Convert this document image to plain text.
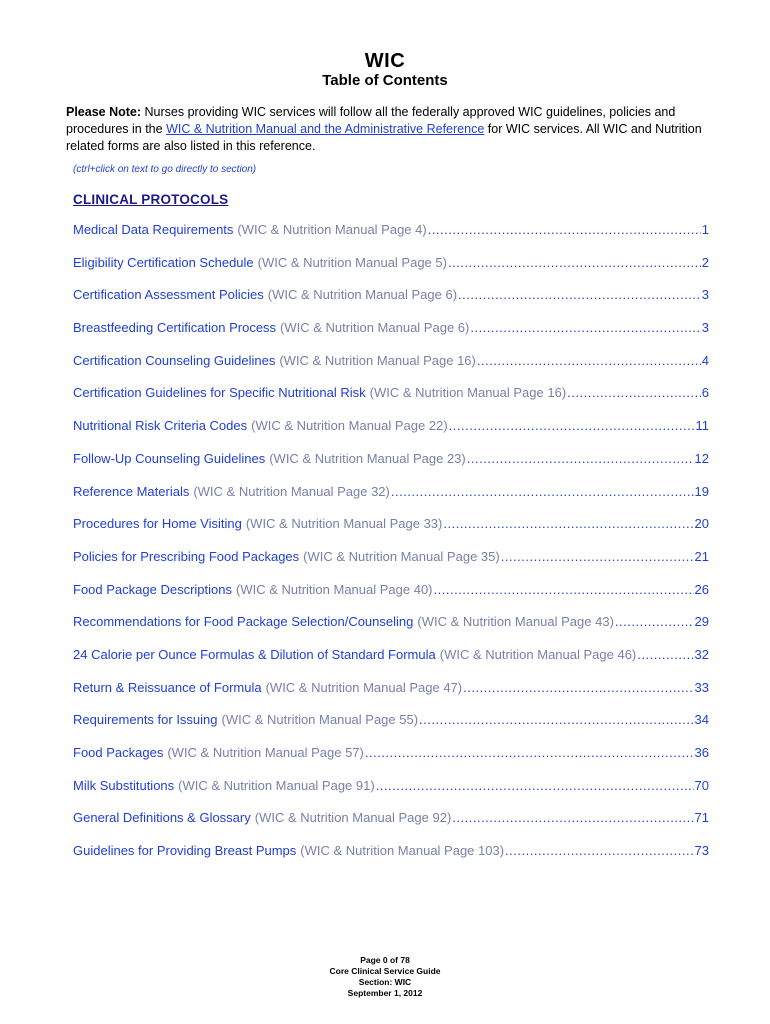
WIC
Table of Contents
Please Note: Nurses providing WIC services will follow all the federally approved WIC guidelines, policies and procedures in the WIC & Nutrition Manual and the Administrative Reference for WIC services. All WIC and Nutrition related forms are also listed in this reference.
(ctrl+click on text to go directly to section)
CLINICAL PROTOCOLS
Medical Data Requirements (WIC & Nutrition Manual Page 4) .....	1
Eligibility Certification Schedule (WIC & Nutrition Manual Page 5) .....	2
Certification Assessment Policies (WIC & Nutrition Manual Page 6) .....	3
Breastfeeding Certification Process (WIC & Nutrition Manual Page 6) .....	3
Certification Counseling Guidelines (WIC & Nutrition Manual Page 16) .....	4
Certification Guidelines for Specific Nutritional Risk (WIC & Nutrition Manual Page 16) .....	6
Nutritional Risk Criteria Codes (WIC & Nutrition Manual Page 22) .....	11
Follow-Up Counseling Guidelines (WIC & Nutrition Manual Page 23) .....	12
Reference Materials (WIC & Nutrition Manual Page 32) .....	19
Procedures for Home Visiting (WIC & Nutrition Manual Page 33) .....	20
Policies for Prescribing Food Packages (WIC & Nutrition Manual Page 35) .....	21
Food Package Descriptions (WIC & Nutrition Manual Page 40) .....	26
Recommendations for Food Package Selection/Counseling (WIC & Nutrition Manual Page 43) .....	29
24 Calorie per Ounce Formulas & Dilution of Standard Formula (WIC & Nutrition Manual Page 46) .....	32
Return & Reissuance of Formula (WIC & Nutrition Manual Page 47) .....	33
Requirements for Issuing (WIC & Nutrition Manual Page 55) .....	34
Food Packages (WIC & Nutrition Manual Page 57) .....	36
Milk Substitutions (WIC & Nutrition Manual Page 91) .....	70
General Definitions & Glossary (WIC & Nutrition Manual Page 92) .....	71
Guidelines for Providing Breast Pumps (WIC & Nutrition Manual Page 103) .....	73
Page 0 of 78
Core Clinical Service Guide
Section: WIC
September 1, 2012
